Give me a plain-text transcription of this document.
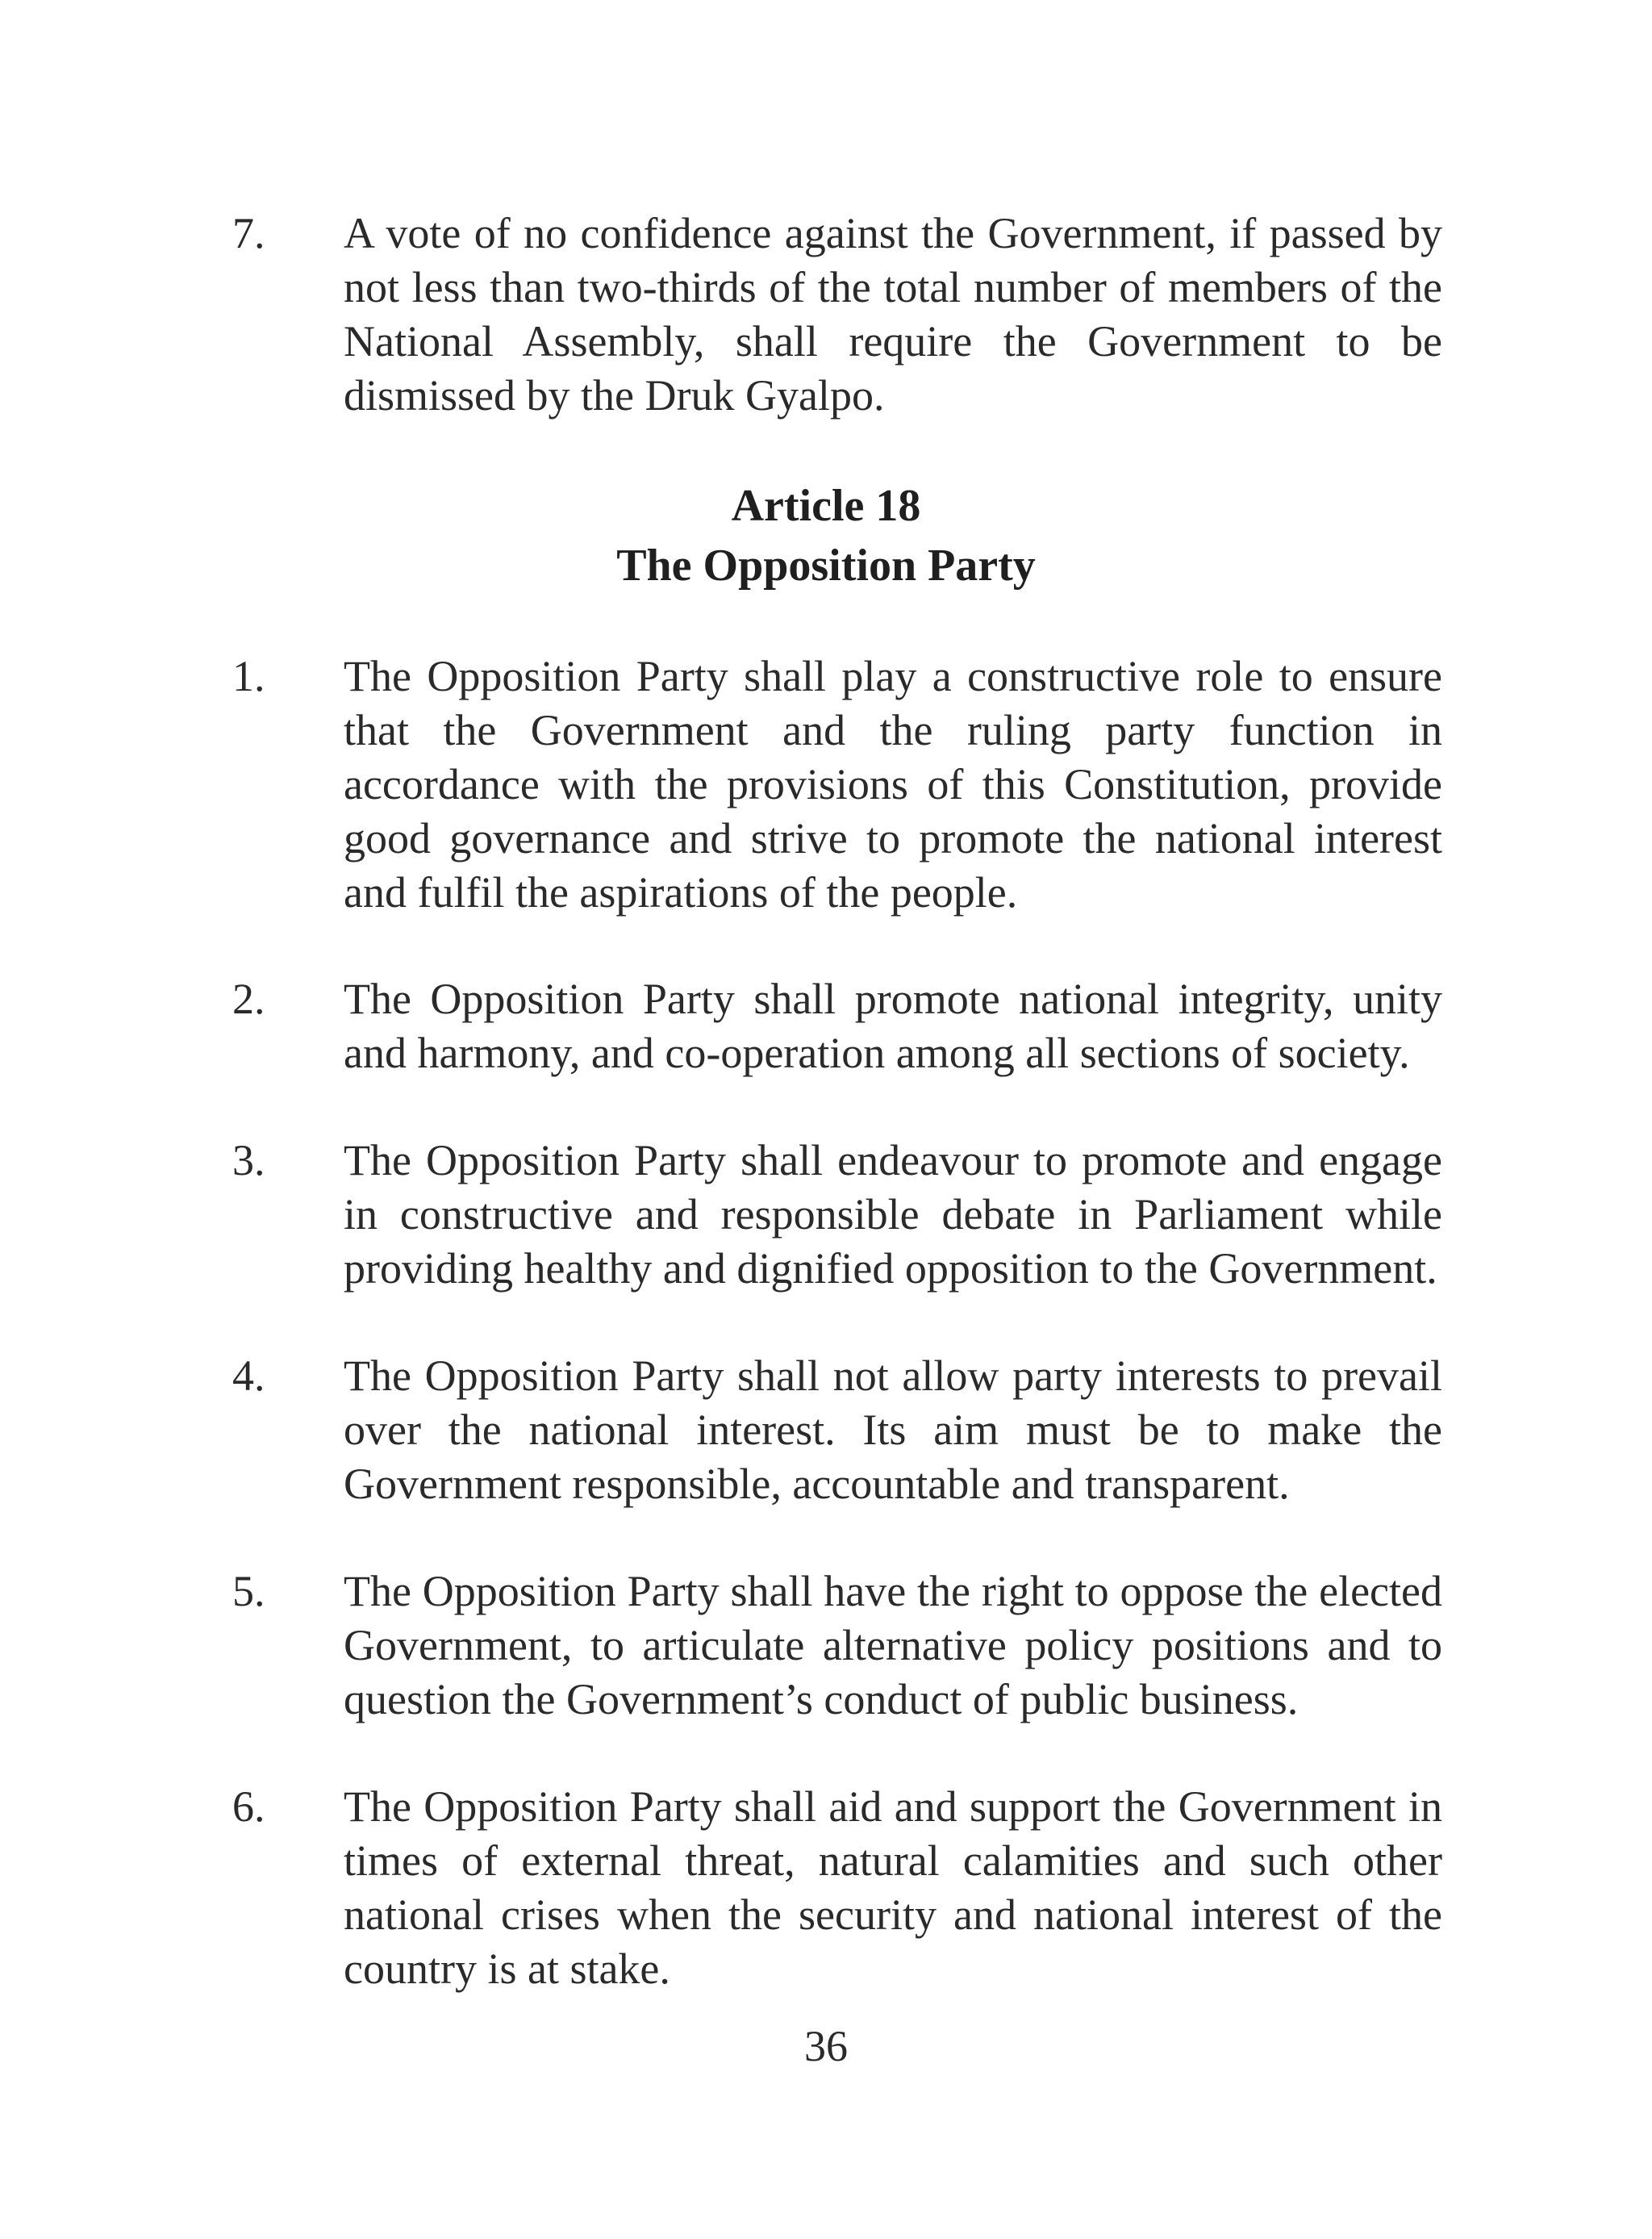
7. A vote of no confidence against the Government, if passed by not less than two-thirds of the total number of members of the National Assembly, shall require the Government to be dismissed by the Druk Gyalpo.
Article 18
The Opposition Party
1. The Opposition Party shall play a constructive role to ensure that the Government and the ruling party function in accordance with the provisions of this Constitution, provide good governance and strive to promote the national interest and fulfil the aspirations of the people.
2. The Opposition Party shall promote national integrity, unity and harmony, and co-operation among all sections of society.
3. The Opposition Party shall endeavour to promote and engage in constructive and responsible debate in Parliament while providing healthy and dignified opposition to the Government.
4. The Opposition Party shall not allow party interests to prevail over the national interest. Its aim must be to make the Government responsible, accountable and transparent.
5. The Opposition Party shall have the right to oppose the elected Government, to articulate alternative policy positions and to question the Government’s conduct of public business.
6. The Opposition Party shall aid and support the Government in times of external threat, natural calamities and such other national crises when the security and national interest of the country is at stake.
36
